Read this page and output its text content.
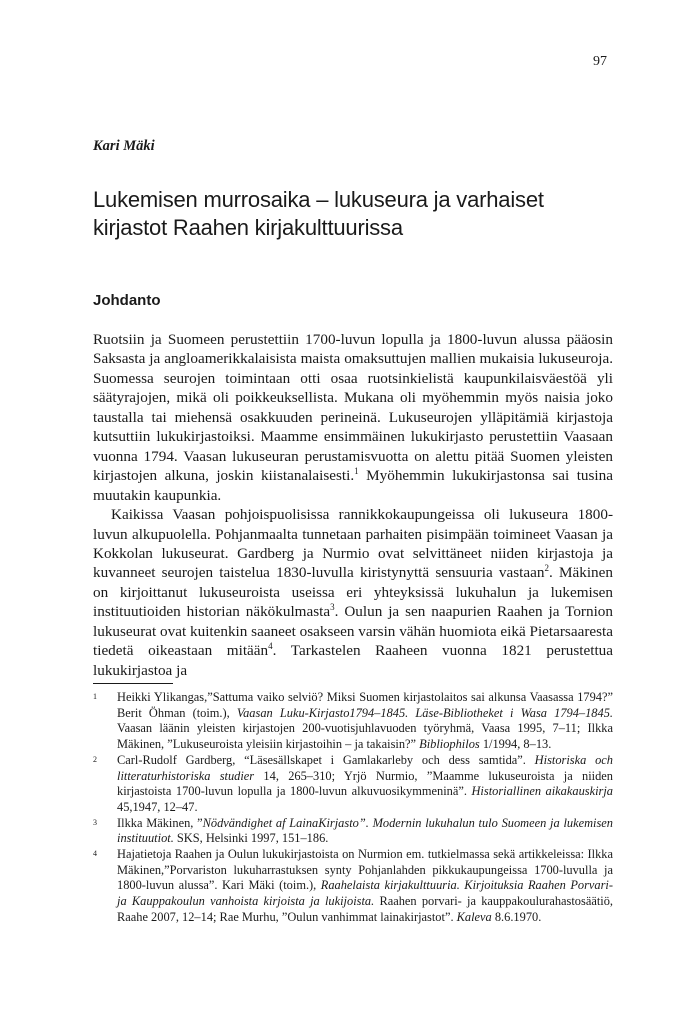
97
Kari Mäki
Lukemisen murrosaika – lukuseura ja varhaiset kirjastot Raahen kirjakulttuurissa
Johdanto

Ruotsiin ja Suomeen perustettiin 1700-luvun lopulla ja 1800-luvun alussa pääosin Saksasta ja angloamerikkalaisista maista omaksuttujen mallien mukaisia lukuseuroja. Suomessa seurojen toimintaan otti osaa ruotsinkielistä kaupunkilaisväestöä yli säätyrajojen, mikä oli poikkeuksellista. Mukana oli myöhemmin myös naisia joko taustalla tai miehensä osakkuuden perineinä. Lukuseurojen ylläpitämiä kirjastoja kutsuttiin lukukirjastoiksi. Maamme ensimmäinen lukukirjasto perustettiin Vaasaan vuonna 1794. Vaasan lukuseuran perustamisvuotta on alettu pitää Suomen yleisten kirjastojen alkuna, joskin kiistanalaisesti.$^1$ Myöhemmin lukukirjastonsa sai tusina muutakin kaupunkia.

Kaikissa Vaasan pohjoispuolisissa rannikkokaupungeissa oli lukuseura 1800-luvun alkupuolella. Pohjanmaalta tunnetaan parhaiten pisimpään toimineet Vaasan ja Kokkolan lukuseurat. Gardberg ja Nurmio ovat selvittäneet niiden kirjastoja ja kuvanneet seurojen taistelua 1830-luvulla kiristynyttä sensuuria vastaan$^2$. Mäkinen on kirjoittanut lukuseuroista useissa eri yhteyksissä lukuhalun ja lukemisen instituutioiden historian näkökulmasta$^3$. Oulun ja sen naapurien Raahen ja Tornion lukuseurat ovat kuitenkin saaneet osakseen varsin vähän huomiota eikä Pietarsaaresta tiedetä oikeastaan mitään$^4$. Tarkastelen Raaheen vuonna 1821 perustettua lukukirjastoa ja

1	Heikki Ylikangas,”Sattuma vaiko selviö? Miksi Suomen kirjastolaitos sai alkunsa Vaasassa 1794?” Berit Öhman (toim.), Vaasan Luku-Kirjasto1794–1845. Läse-Bibliotheket i Wasa 1794–1845. Vaasan läänin yleisten kirjastojen 200-vuotisjuhlavuoden työryhmä, Vaasa 1995, 7–11; Ilkka Mäkinen, ”Lukuseuroista yleisiin kirjastoihin – ja takaisin?” Bibliophilos 1/1994, 8–13.
2	Carl-Rudolf Gardberg, “Läsesällskapet i Gamlakarleby och dess samtida”. Historiska och litteraturhistoriska studier 14, 265–310; Yrjö Nurmio, ”Maamme lukuseuroista ja niiden kirjastoista 1700-luvun lopulla ja 1800-luvun alkuvuosikymmeninä”. Historiallinen aikakauskirja 45,1947, 12–47.
3	Ilkka Mäkinen, ”Nödvändighet af LainaKirjasto”. Modernin lukuhalun tulo Suomeen ja lukemisen instituutiot. SKS, Helsinki 1997, 151–186.
4	Hajatietoja Raahen ja Oulun lukukirjastoista on Nurmion em. tutkielmassa sekä artikkeleissa: Ilkka Mäkinen,”Porvariston lukuharrastuksen synty Pohjanlahden pikkukaupungeissa 1700-luvulla ja 1800-luvun alussa”. Kari Mäki (toim.), Raahelaista kirjakulttuuria. Kirjoituksia Raahen Porvari- ja Kauppakoulun vanhoista kirjoista ja lukijoista. Raahen porvari- ja kauppakoulurahastosäätiö, Raahe 2007, 12–14; Rae Murhu, ”Oulun vanhimmat lainakirjastot”. Kaleva 8.6.1970.
